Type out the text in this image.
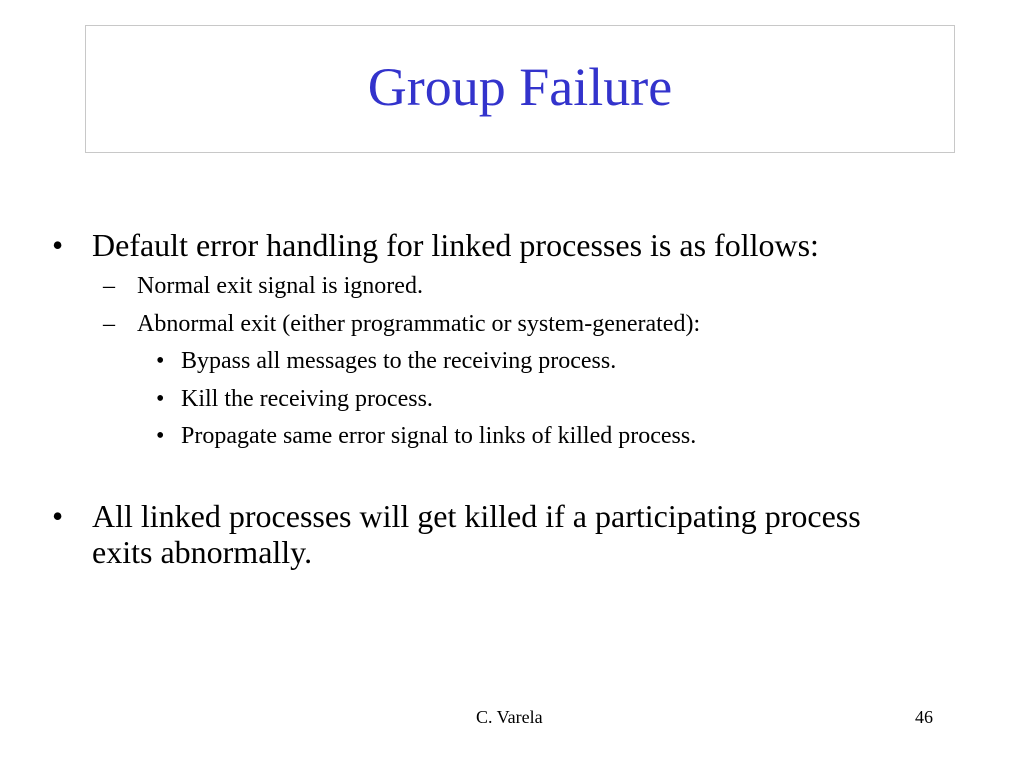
Group Failure
• Default error handling for linked processes is as follows:
– Normal exit signal is ignored.
– Abnormal exit (either programmatic or system-generated):
• Bypass all messages to the receiving process.
• Kill the receiving process.
• Propagate same error signal to links of killed process.
• All linked processes will get killed if a participating process exits abnormally.
C. Varela	46
